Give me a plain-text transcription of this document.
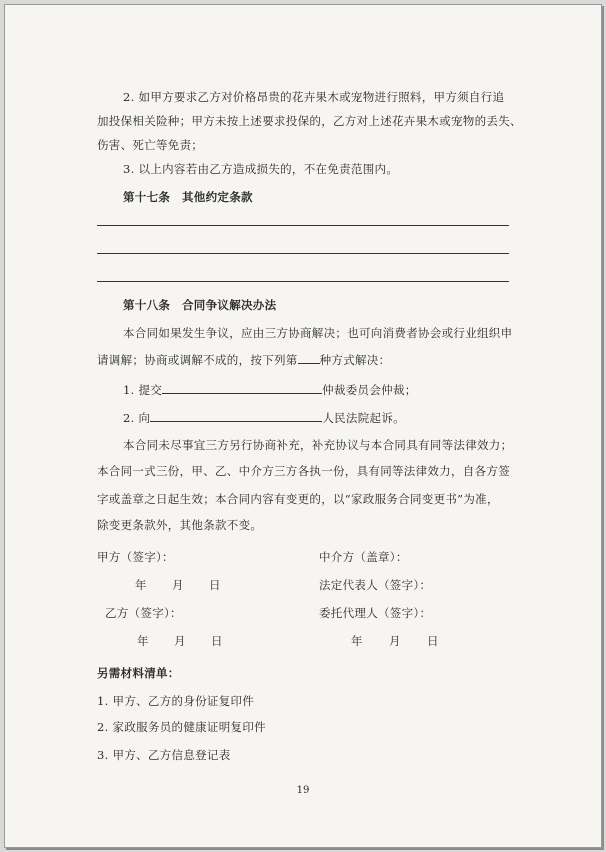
2. 如甲方要求乙方对价格昂贵的花卉果木或宠物进行照料，甲方须自行追
加投保相关险种；甲方未按上述要求投保的，乙方对上述花卉果木或宠物的丢失、
伤害、死亡等免责；
3. 以上内容若由乙方造成损失的，不在免责范围内。
第十七条　其他约定条款
第十八条　合同争议解决办法
本合同如果发生争议，应由三方协商解决；也可向消费者协会或行业组织申
请调解；协商或调解不成的，按下列第 种方式解决：
1. 提交	仲裁委员会仲裁；
2. 向	人民法院起诉。
本合同未尽事宜三方另行协商补充，补充协议与本合同具有同等法律效力；
本合同一式三份，甲、乙、中介方三方各执一份，具有同等法律效力，自各方签
字或盖章之日起生效；本合同内容有变更的，以“家政服务合同变更书”为准，
除变更条款外，其他条款不变。
甲方（签字）：	中介方（盖章）：
年 月 日	法定代表人（签字）：
乙方（签字）：	委托代理人（签字）：
年 月 日	年 月 日
另需材料清单：
1. 甲方、乙方的身份证复印件
2. 家政服务员的健康证明复印件
3. 甲方、乙方信息登记表
19
